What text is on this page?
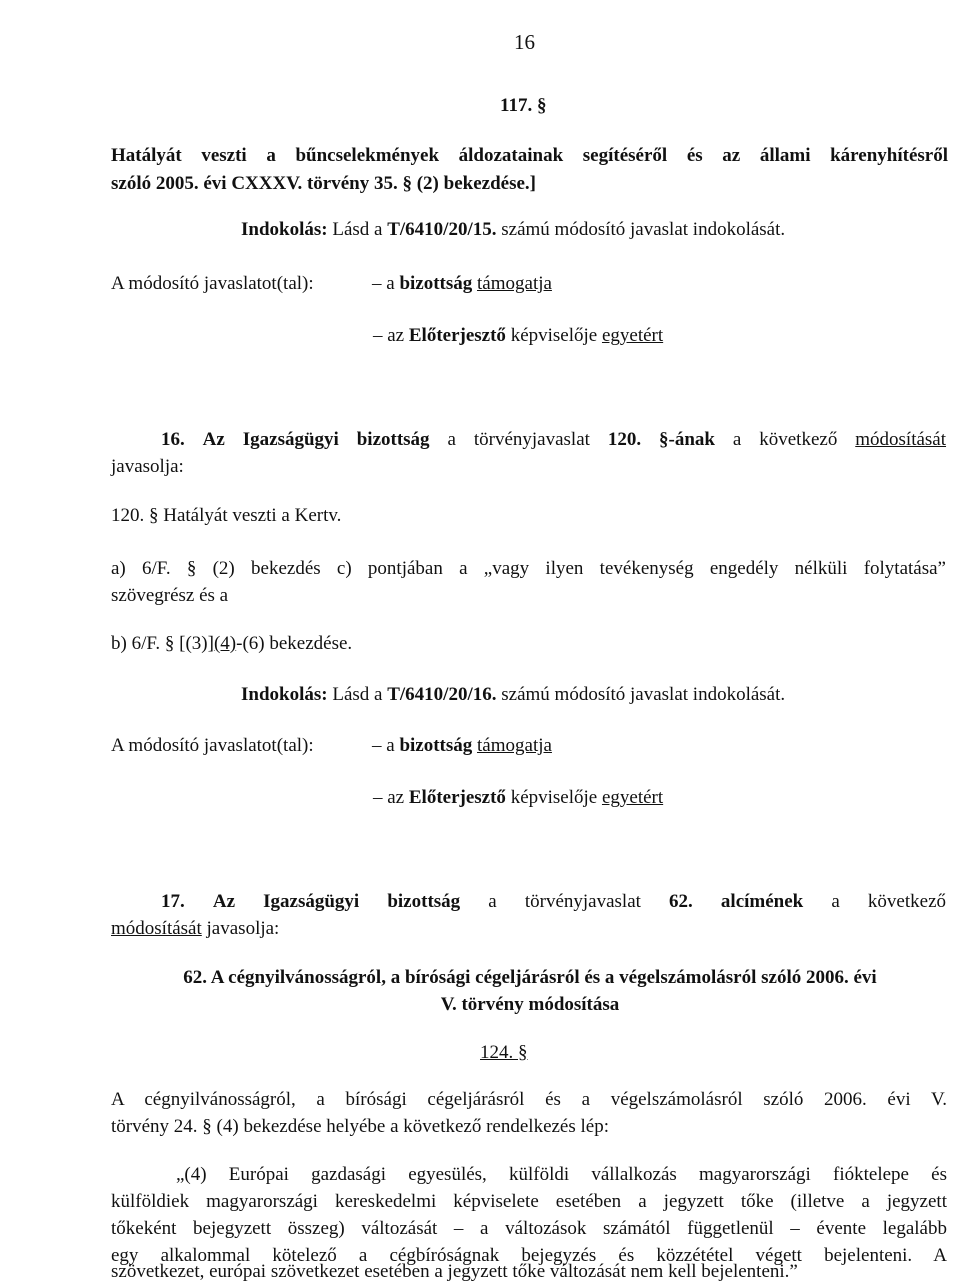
16
117. §
Hatályát veszti a bűncselekmények áldozatainak segítéséről és az állami kárenyhítésről
szóló 2005. évi CXXXV. törvény 35. § (2) bekezdése.]
Indokolás: Lásd a T/6410/20/15. számú módosító javaslat indokolását.
A módosító javaslatot(tal):	– a bizottság támogatja
– az Előterjesztő képviselője egyetért
16. Az Igazságügyi bizottság a törvényjavaslat 120. §-ának a következő módosítását
javasolja:
120. § Hatályát veszti a Kertv.
a) 6/F. § (2) bekezdés c) pontjában a „vagy ilyen tevékenység engedély nélküli folytatása”
szövegrész és a
b) 6/F. § [(3)](4)-(6) bekezdése.
Indokolás: Lásd a T/6410/20/16. számú módosító javaslat indokolását.
A módosító javaslatot(tal):	– a bizottság támogatja
– az Előterjesztő képviselője egyetért
17. Az Igazságügyi bizottság a törvényjavaslat 62. alcímének a következő
módosítását javasolja:
62. A cégnyilvánosságról, a bírósági cégeljárásról és a végelszámolásról szóló 2006. évi
V. törvény módosítása
124. §
A cégnyilvánosságról, a bírósági cégeljárásról és a végelszámolásról szóló 2006. évi V.
törvény 24. § (4) bekezdése helyébe a következő rendelkezés lép:
„(4) Európai gazdasági egyesülés, külföldi vállalkozás magyarországi fióktelepe és
külföldiek magyarországi kereskedelmi képviselete esetében a jegyzett tőke (illetve a jegyzett
tőkeként bejegyzett összeg) változását – a változások számától függetlenül – évente legalább
egy alkalommal kötelező a cégbíróságnak bejegyzés és közzététel végett bejelenteni. A
szövetkezet, európai szövetkezet esetében a jegyzett tőke változását nem kell bejelenteni.”
